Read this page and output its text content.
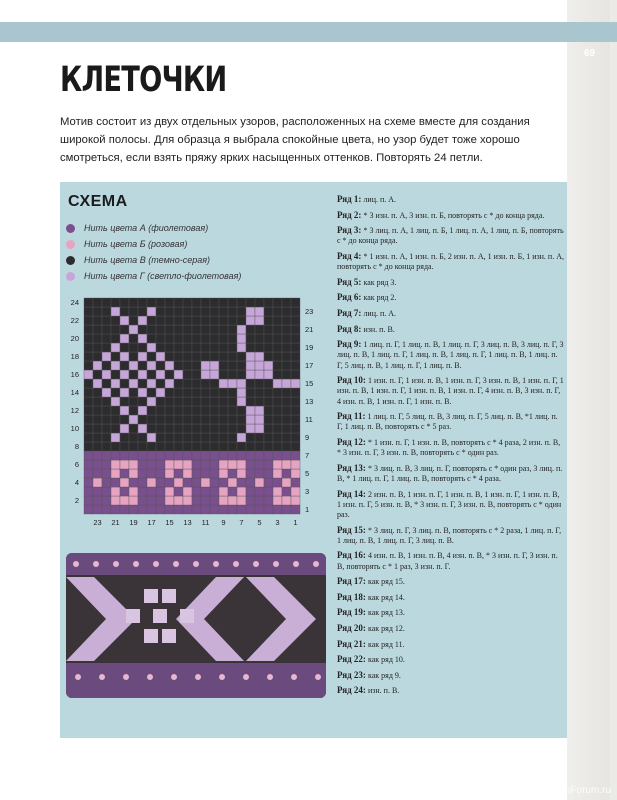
ПОЛОСЫ ФЭР-АЙЛ	69
КЛЕТОЧКИ

Мотив состоит из двух отдельных узоров, расположенных на схеме вместе для создания широкой полосы. Для образца я выбрала спокойные цвета, но узор будет тоже хорошо смотреться, если взять пряжу ярких насыщенных оттенков. Повторять 24 петли.

СХЕМА
Нить цвета А (фиолетовая)
Нить цвета Б (розовая)
Нить цвета В (темно-серая)
Нить цвета Г (светло-фиолетовая)
24
22
20
18
16
14
12
10
8
6
4
2
23
21
19
17
15
13
11
9
7
5
3
1
23 21 19 17 15 13 11 9 7 5 3 1
Ряд 1: лиц. п. А.
Ряд 2: * 3 изн. п. А, 3 изн. п. Б, повторять с * до конца ряда.
Ряд 3: * 3 лиц. п. А, 1 лиц. п. Б, 1 лиц. п. А, 1 лиц. п. Б, повторять с * до конца ряда.
Ряд 4: * 1 изн. п. А, 1 изн. п. Б, 2 изн. п. А, 1 изн. п. Б, 1 изн. п. А, повторять с * до конца ряда.
Ряд 5: как ряд 3.
Ряд 6: как ряд 2.
Ряд 7: лиц. п. А.
Ряд 8: изн. п. В.
Ряд 9: 1 лиц. п. Г, 1 лиц. п. В, 1 лиц. п. Г, 3 лиц. п. В, 3 лиц. п. Г, 3 лиц. п. В, 1 лиц. п. Г, 1 лиц. п. В, 1 лиц. п. Г, 1 лиц. п. В, 1 лиц. п. Г, 5 лиц. п. В, 1 лиц. п. Г, 1 лиц. п. В.
Ряд 10: 1 изн. п. Г, 1 изн. п. В, 1 изн. п. Г, 3 изн. п. В, 1 изн. п. Г, 1 изн. п. В, 1 изн. п. Г, 1 изн. п. В, 1 изн. п. Г, 4 изн. п. В, 3 изн. п. Г, 4 изн. п. В, 1 изн. п. Г, 1 изн. п. В.
Ряд 11: 1 лиц. п. Г, 5 лиц. п. В, 3 лиц. п. Г, 5 лиц. п. В, *1 лиц. п. Г, 1 лиц. п. В, повторять с * 5 раз.
Ряд 12: * 1 изн. п. Г, 1 изн. п. В, повторять с * 4 раза, 2 изн. п. В, * 3 изн. п. Г, 3 изн. п. В, повторять с * один раз.
Ряд 13: * 3 лиц. п. В, 3 лиц. п. Г, повторять с * один раз, 3 лиц. п. В, * 1 лиц. п. Г, 1 лиц. п. В, повторять с * 4 раза.
Ряд 14: 2 изн. п. В, 1 изн. п. Г, 1 изн. п. В, 1 изн. п. Г, 1 изн. п. В, 1 изн. п. Г, 5 изн. п. В, * 3 изн. п. Г, 3 изн. п. В, повторять с * один раз.
Ряд 15: * 3 лиц. п. Г, 3 лиц. п. В, повторять с * 2 раза, 1 лиц. п. Г, 1 лиц. п. В, 1 лиц. п. Г, 3 лиц. п. В.
Ряд 16: 4 изн. п. В, 1 изн. п. В, 4 изн. п. В, * 3 изн. п. Г, 3 изн. п. В, повторять с * 1 раз, 3 изн. п. Г.
Ряд 17: как ряд 15.
Ряд 18: как ряд 14.
Ряд 19: как ряд 13.
Ряд 20: как ряд 12.
Ряд 21: как ряд 11.
Ряд 22: как ряд 10.
Ряд 23: как ряд 9.
Ряд 24: изн. п. В.
PassionForum.ru
